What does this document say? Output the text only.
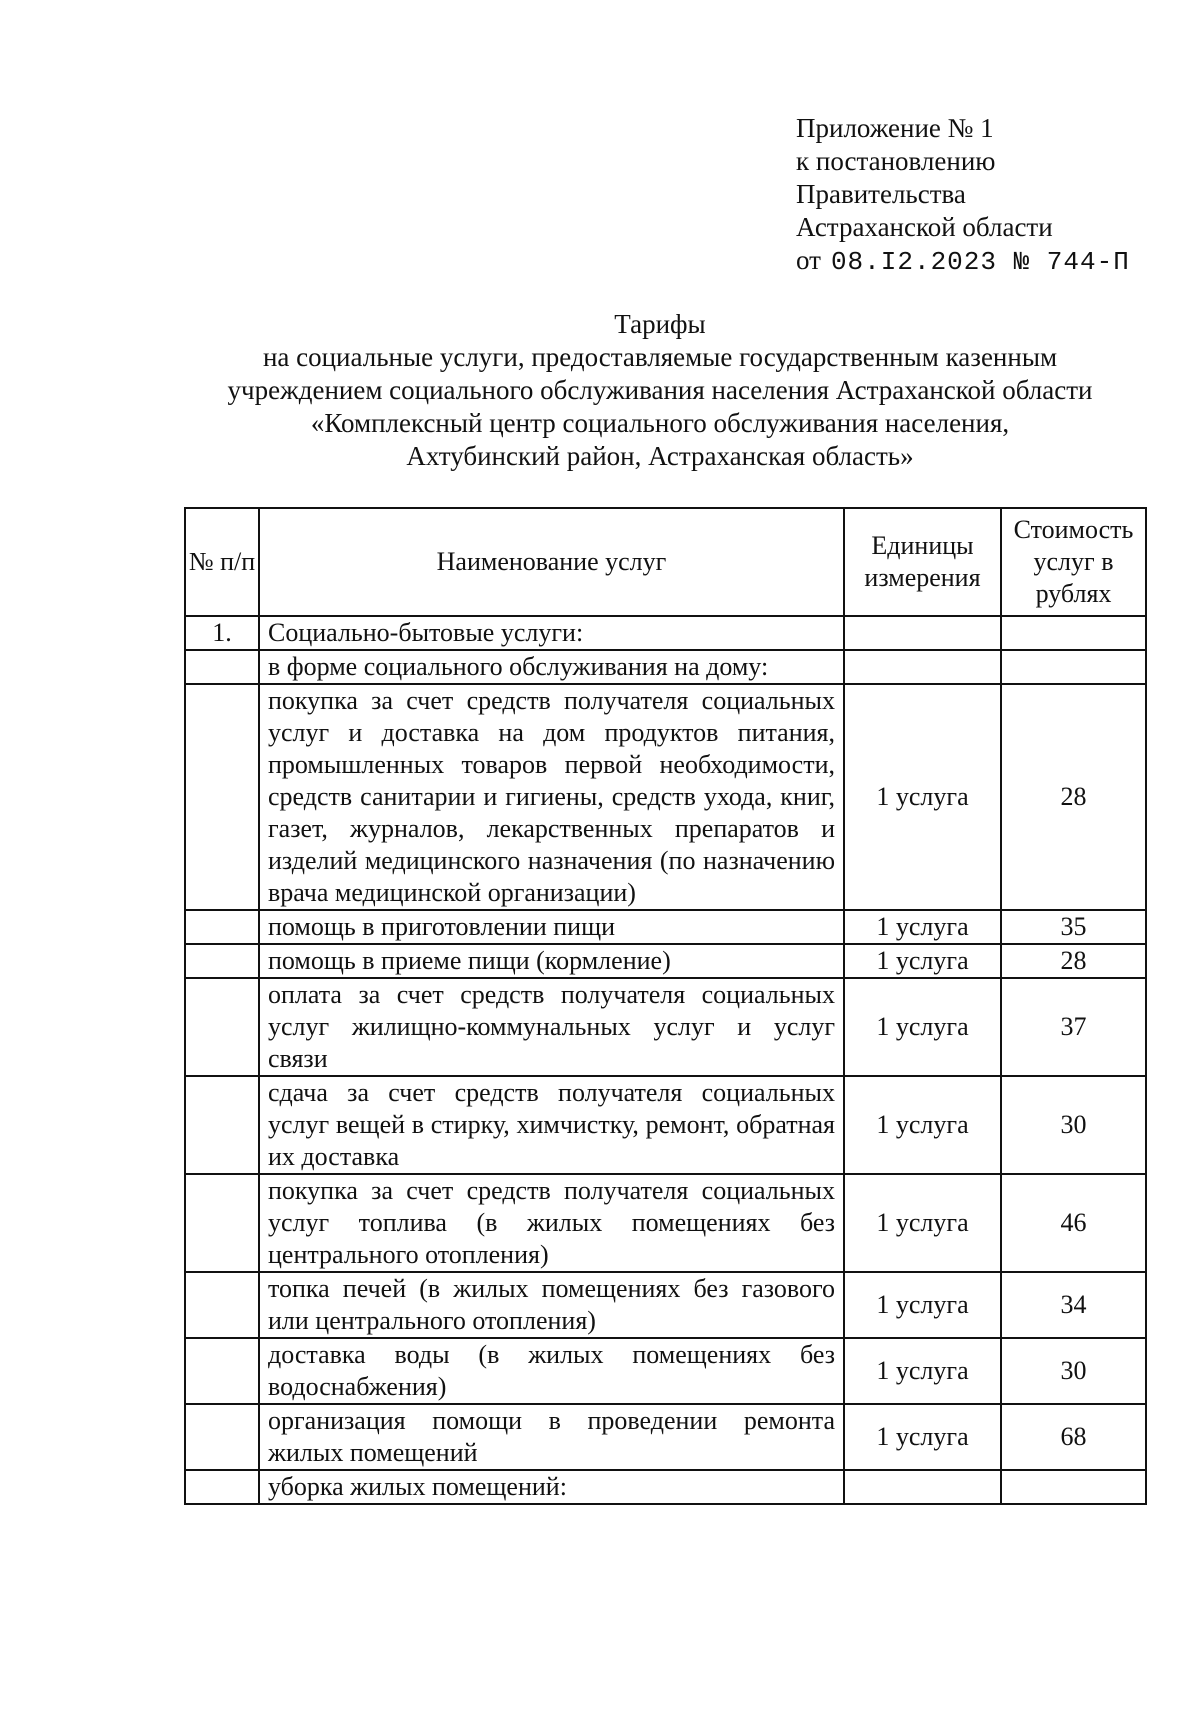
Приложение № 1
к постановлению
Правительства
Астраханской области
от 08.I2.2023 № 744-П
Тарифы
на социальные услуги, предоставляемые государственным казенным
учреждением социального обслуживания населения Астраханской области
«Комплексный центр социального обслуживания населения,
Ахтубинский район, Астраханская область»
№ п/п	Наименование услуг	Единицы измерения	Стоимость услуг в рублях
1.	Социально-бытовые услуги:		
	в форме социального обслуживания на дому:		
	покупка за счет средств получателя социальных услуг и доставка на дом продуктов питания, промышленных товаров первой необходимости, средств санитарии и гигиены, средств ухода, книг, газет, журналов, лекарственных препаратов и изделий медицинского назначения (по назначению врача медицинской организации)	1 услуга	28
	помощь в приготовлении пищи	1 услуга	35
	помощь в приеме пищи (кормление)	1 услуга	28
	оплата за счет средств получателя социальных услуг жилищно-коммунальных услуг и услуг связи	1 услуга	37
	сдача за счет средств получателя социальных услуг вещей в стирку, химчистку, ремонт, обратная их доставка	1 услуга	30
	покупка за счет средств получателя социальных услуг топлива (в жилых помещениях без центрального отопления)	1 услуга	46
	топка печей (в жилых помещениях без газового или центрального отопления)	1 услуга	34
	доставка воды (в жилых помещениях без водоснабжения)	1 услуга	30
	организация помощи в проведении ремонта жилых помещений	1 услуга	68
	уборка жилых помещений:		
